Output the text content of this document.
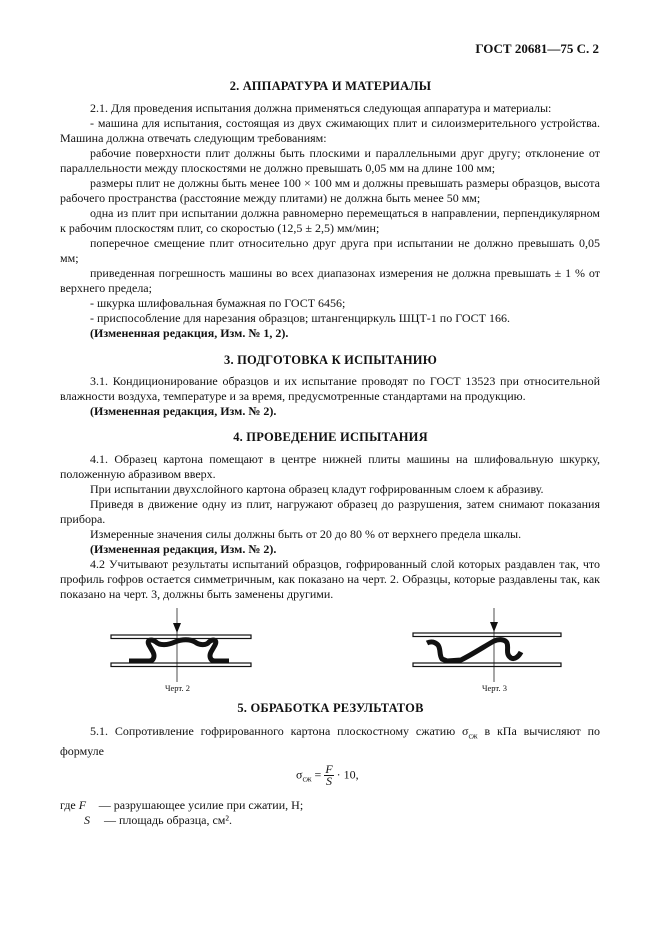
ГОСТ 20681—75 С. 2
2. АППАРАТУРА И МАТЕРИАЛЫ

2.1. Для проведения испытания должна применяться следующая аппаратура и материалы:

- машина для испытания, состоящая из двух сжимающих плит и силоизмерительного устройства. Машина должна отвечать следующим требованиям:

рабочие поверхности плит должны быть плоскими и параллельными друг другу; отклонение от параллельности между плоскостями не должно превышать 0,05 мм на длине 100 мм;

размеры плит не должны быть менее 100 × 100 мм и должны превышать размеры образцов, высота рабочего пространства (расстояние между плитами) не должна быть менее 50 мм;

одна из плит при испытании должна равномерно перемещаться в направлении, перпендикулярном к рабочим плоскостям плит, со скоростью (12,5 ± 2,5) мм/мин;

поперечное смещение плит относительно друг друга при испытании не должно превышать 0,05 мм;

приведенная погрешность машины во всех диапазонах измерения не должна превышать ± 1 % от верхнего предела;

- шкурка шлифовальная бумажная по ГОСТ 6456;

- приспособление для нарезания образцов; штангенциркуль ШЦТ-1 по ГОСТ 166.

(Измененная редакция, Изм. № 1, 2).

3. ПОДГОТОВКА К ИСПЫТАНИЮ

3.1. Кондиционирование образцов и их испытание проводят по ГОСТ 13523 при относительной влажности воздуха, температуре и за время, предусмотренные стандартами на продукцию.

(Измененная редакция, Изм. № 2).

4. ПРОВЕДЕНИЕ ИСПЫТАНИЯ

4.1. Образец картона помещают в центре нижней плиты машины на шлифовальную шкурку, положенную абразивом вверх.

При испытании двухслойного картона образец кладут гофрированным слоем к абразиву.

Приведя в движение одну из плит, нагружают образец до разрушения, затем снимают показания прибора.

Измеренные значения силы должны быть от 20 до 80 % от верхнего предела шкалы.

(Измененная редакция, Изм. № 2).

4.2 Учитывают результаты испытаний образцов, гофрированный слой которых раздавлен так, что профиль гофров остается симметричным, как показано на черт. 2. Образцы, которые раздавлены так, как показано на черт. 3, должны быть заменены другими.

Черт. 2	Черт. 3
5. ОБРАБОТКА РЕЗУЛЬТАТОВ

5.1. Сопротивление гофрированного картона плоскостному сжатию $\sigma_{сж}$ в кПа вычисляют по формуле

$\sigma_{сж} = \frac{F}{S} \cdot 10$,
где F — разрушающее усилие при сжатии, Н;
S — площадь образца, см².
